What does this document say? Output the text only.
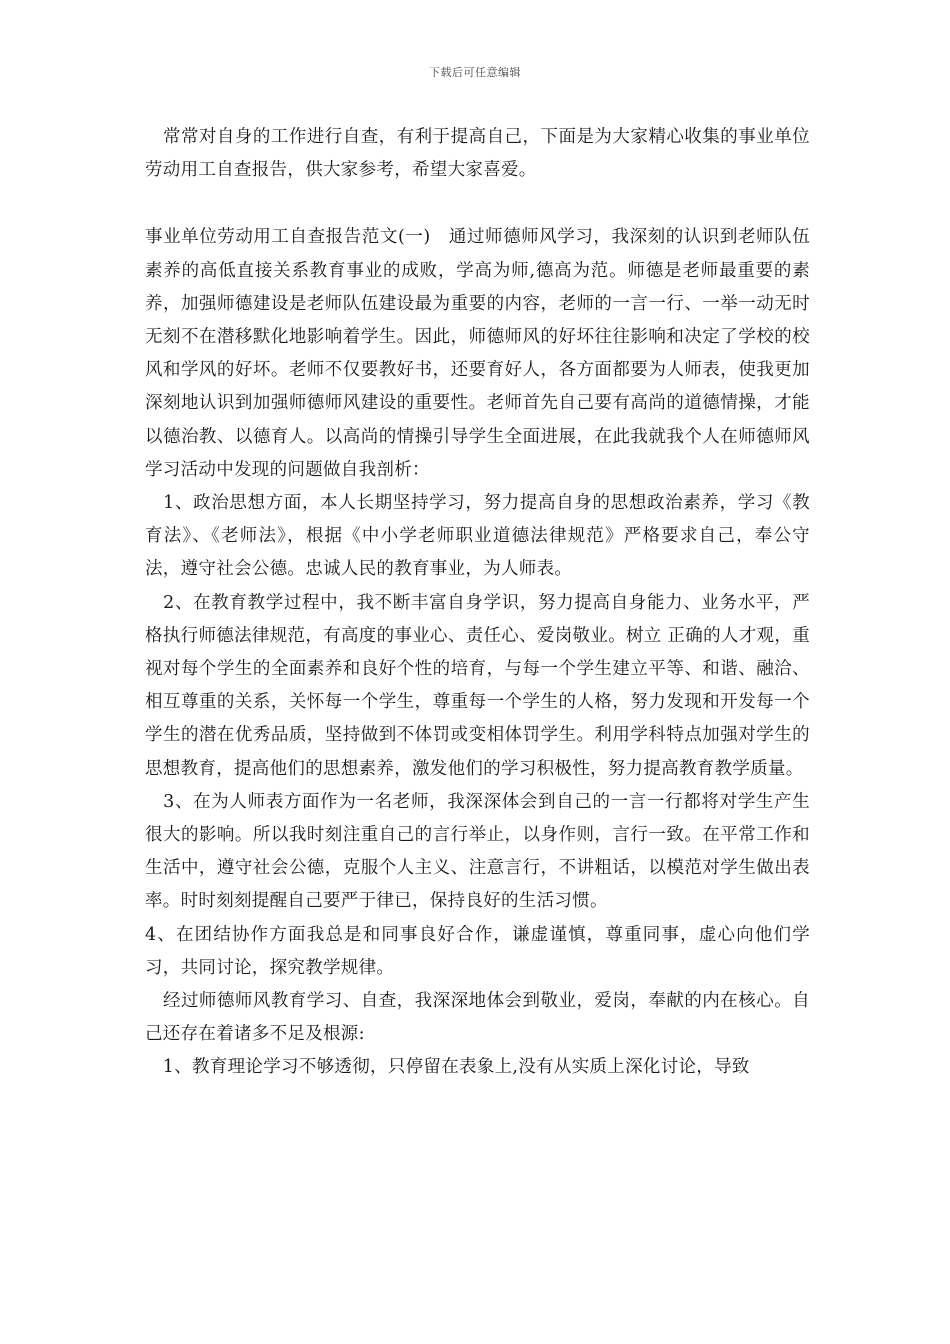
下载后可任意编辑

　常常对自身的工作进行自查，有利于提高自己，下面是为大家精心收集的事业单位劳动用工自查报告，供大家参考，希望大家喜爱。

事业单位劳动用工自查报告范文(一)　通过师德师风学习，我深刻的认识到老师队伍素养的高低直接关系教育事业的成败，学高为师,德高为范。师德是老师最重要的素养，加强师德建设是老师队伍建设最为重要的内容，老师的一言一行、一举一动无时无刻不在潜移默化地影响着学生。因此，师德师风的好坏往往影响和决定了学校的校风和学风的好坏。老师不仅要教好书，还要育好人，各方面都要为人师表，使我更加深刻地认识到加强师德师风建设的重要性。老师首先自己要有高尚的道德情操，才能以德治教、以德育人。以高尚的情操引导学生全面进展，在此我就我个人在师德师风学习活动中发现的问题做自我剖析：

　1、政治思想方面，本人长期坚持学习，努力提高自身的思想政治素养，学习《教育法》、《老师法》，根据《中小学老师职业道德法律规范》严格要求自己，奉公守法，遵守社会公德。忠诚人民的教育事业，为人师表。

　2、在教育教学过程中，我不断丰富自身学识，努力提高自身能力、业务水平，严格执行师德法律规范，有高度的事业心、责任心、爱岗敬业。树立 正确的人才观，重视对每个学生的全面素养和良好个性的培育，与每一个学生建立平等、和谐、融洽、相互尊重的关系，关怀每一个学生，尊重每一个学生的人格，努力发现和开发每一个学生的潜在优秀品质，坚持做到不体罚或变相体罚学生。利用学科特点加强对学生的思想教育，提高他们的思想素养，激发他们的学习积极性，努力提高教育教学质量。

　3、在为人师表方面作为一名老师，我深深体会到自己的一言一行都将对学生产生很大的影响。所以我时刻注重自己的言行举止，以身作则，言行一致。在平常工作和生活中，遵守社会公德，克服个人主义、注意言行，不讲粗话，以模范对学生做出表率。时时刻刻提醒自己要严于律已，保持良好的生活习惯。

4、在团结协作方面我总是和同事良好合作，谦虚谨慎，尊重同事，虚心向他们学习，共同讨论，探究教学规律。

　经过师德师风教育学习、自查，我深深地体会到敬业，爱岗，奉献的内在核心。自己还存在着诸多不足及根源:

　1、教育理论学习不够透彻，只停留在表象上,没有从实质上深化讨论，导致
